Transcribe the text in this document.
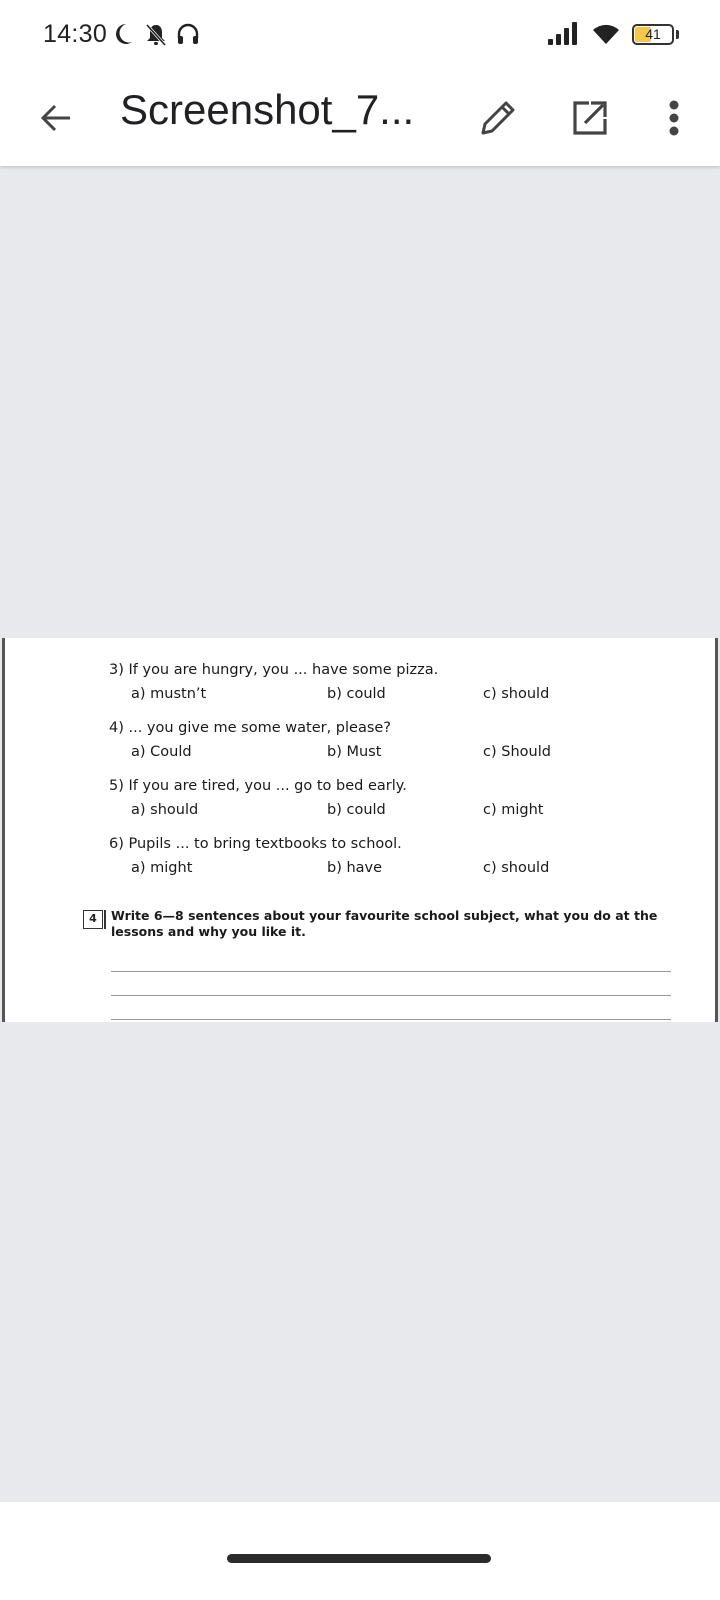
14:30	41
Screenshot_7...
3) If you are hungry, you ... have some pizza.
a) mustn’t	b) could	c) should
4) ... you give me some water, please?
a) Could	b) Must	c) Should
5) If you are tired, you ... go to bed early.
a) should	b) could	c) might
6) Pupils ... to bring textbooks to school.
a) might	b) have	c) should
4	Write 6—8 sentences about your favourite school subject, what you do at the lessons and why you like it.
